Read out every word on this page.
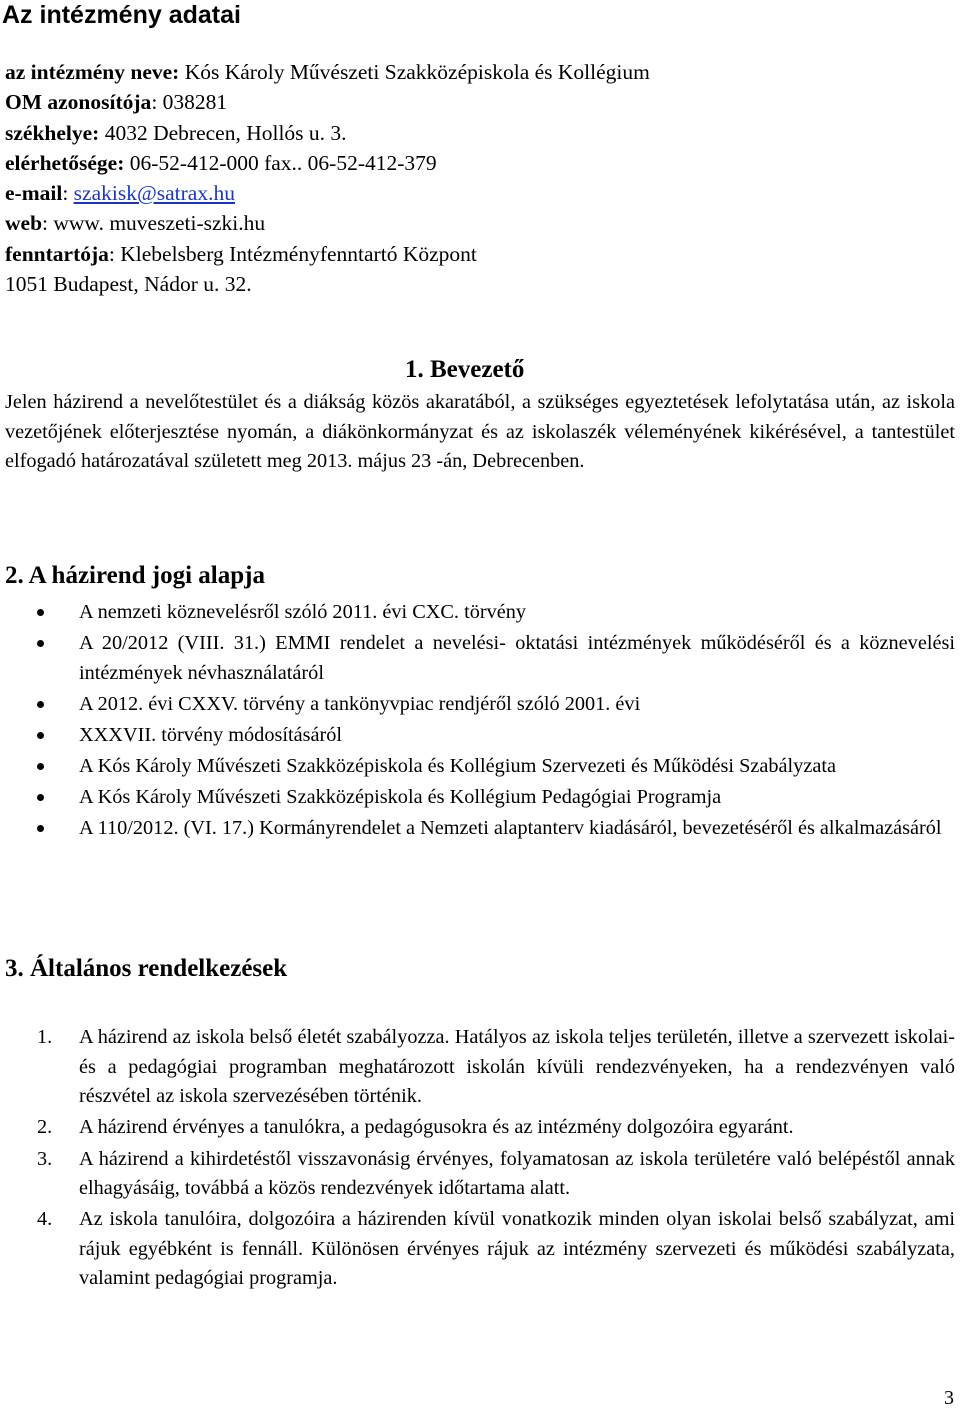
Az intézmény adatai
az intézmény neve: Kós Károly Művészeti Szakközépiskola és Kollégium
OM azonosítója: 038281
székhelye: 4032 Debrecen, Hollós u. 3.
elérhetősége: 06-52-412-000 fax.. 06-52-412-379
e-mail: szakisk@satrax.hu
web: www. muveszeti-szki.hu
fenntartója: Klebelsberg Intézményfenntartó Központ
1051 Budapest, Nádor u. 32.
1. Bevezető
Jelen házirend a nevelőtestület és a diákság közös akaratából, a szükséges egyeztetések lefolytatása után, az iskola vezetőjének előterjesztése nyomán, a diákönkormányzat és az iskolaszék véleményének kikérésével, a tantestület elfogadó határozatával született meg 2013. május 23 -án, Debrecenben.
2. A házirend jogi alapja
A nemzeti köznevelésről szóló 2011. évi CXC. törvény
A 20/2012 (VIII. 31.) EMMI rendelet a nevelési- oktatási intézmények működéséről és a köznevelési intézmények névhasználatáról
A 2012. évi CXXV. törvény a tankönyvpiac rendjéről szóló 2001. évi
XXXVII. törvény módosításáról
A Kós Károly Művészeti Szakközépiskola és Kollégium Szervezeti és Működési Szabályzata
A Kós Károly Művészeti Szakközépiskola és Kollégium Pedagógiai Programja
A 110/2012. (VI. 17.) Kormányrendelet a Nemzeti alaptanterv kiadásáról, bevezetéséről és alkalmazásáról
3. Általános rendelkezések
1. A házirend az iskola belső életét szabályozza. Hatályos az iskola teljes területén, illetve a szervezett iskolai- és a pedagógiai programban meghatározott iskolán kívüli rendezvényeken, ha a rendezvényen való részvétel az iskola szervezésében történik.
2. A házirend érvényes a tanulókra, a pedagógusokra és az intézmény dolgozóira egyaránt.
3. A házirend a kihirdetéstől visszavonásig érvényes, folyamatosan az iskola területére való belépéstől annak elhagyásáig, továbbá a közös rendezvények időtartama alatt.
4. Az iskola tanulóira, dolgozóira a házirenden kívül vonatkozik minden olyan iskolai belső szabályzat, ami rájuk egyébként is fennáll. Különösen érvényes rájuk az intézmény szervezeti és működési szabályzata, valamint pedagógiai programja.
3
